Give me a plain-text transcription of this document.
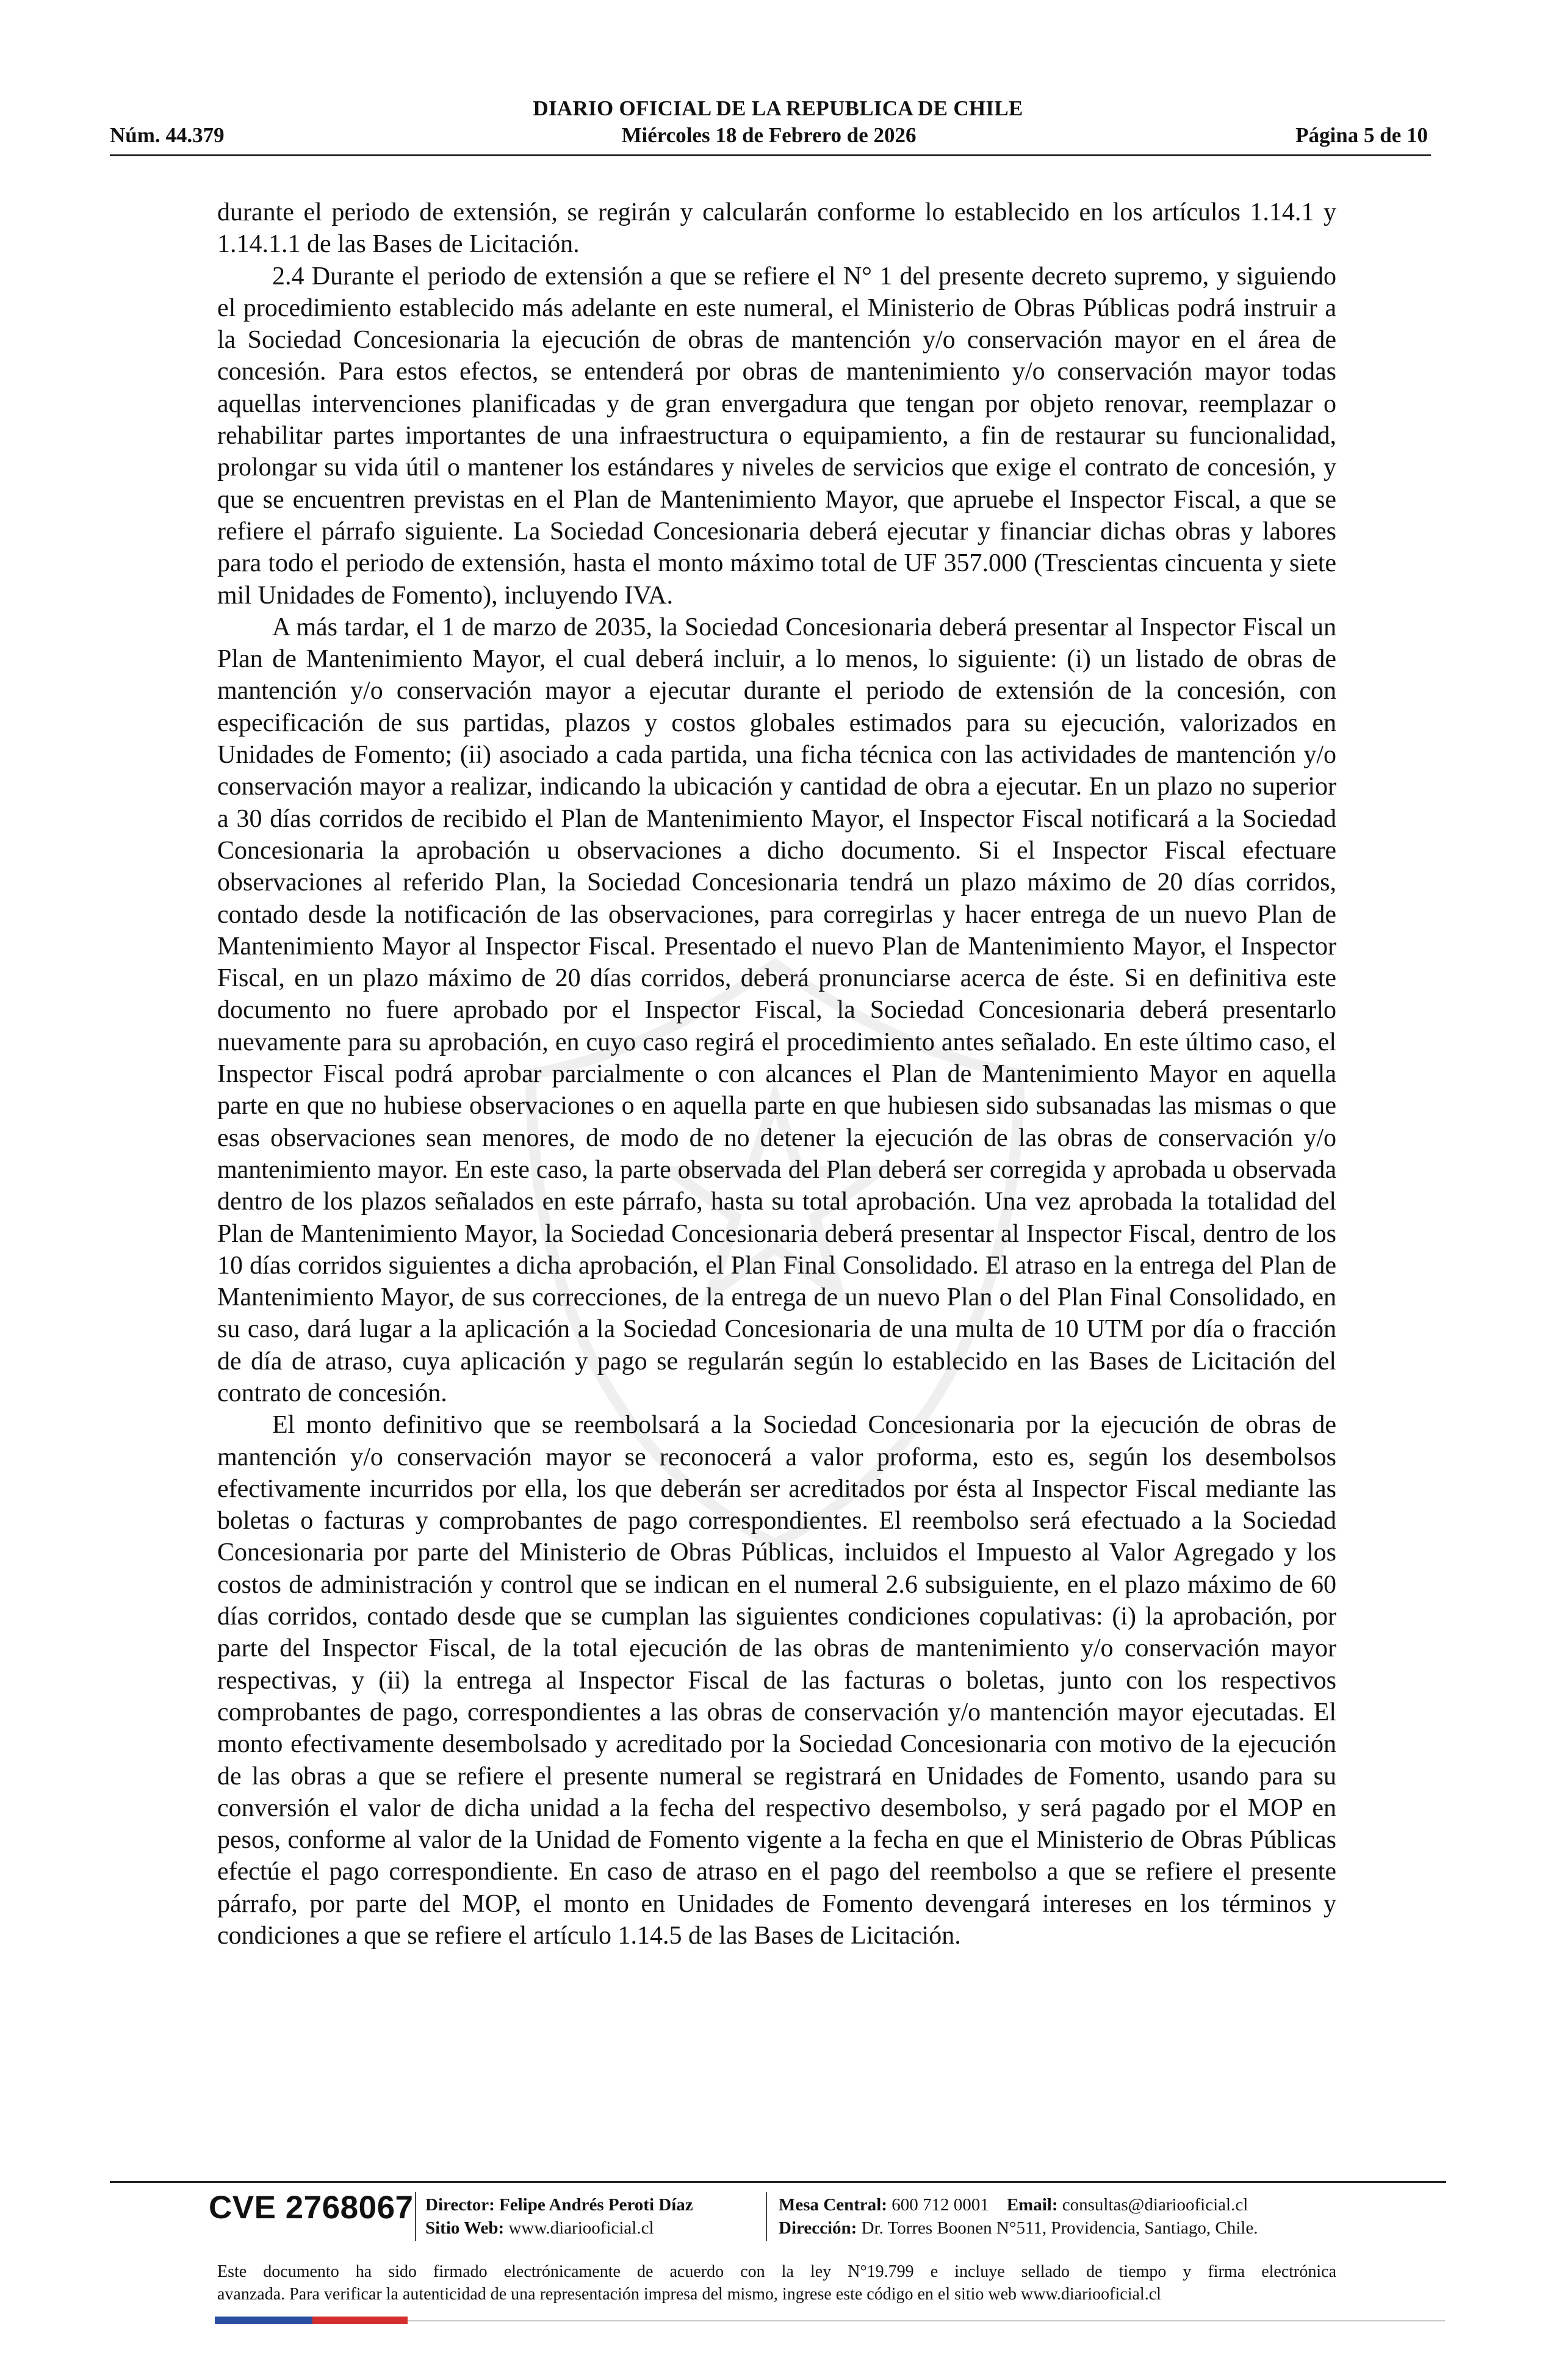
DIARIO OFICIAL DE LA REPUBLICA DE CHILE
Núm. 44.379	Miércoles 18 de Febrero de 2026	Página 5 de 10

durante el periodo de extensión, se regirán y calcularán conforme lo establecido en los artículos 1.14.1 y 1.14.1.1 de las Bases de Licitación.

2.4 Durante el periodo de extensión a que se refiere el N° 1 del presente decreto supremo, y siguiendo el procedimiento establecido más adelante en este numeral, el Ministerio de Obras Públicas podrá instruir a la Sociedad Concesionaria la ejecución de obras de mantención y/o conservación mayor en el área de concesión. Para estos efectos, se entenderá por obras de mantenimiento y/o conservación mayor todas aquellas intervenciones planificadas y de gran envergadura que tengan por objeto renovar, reemplazar o rehabilitar partes importantes de una infraestructura o equipamiento, a fin de restaurar su funcionalidad, prolongar su vida útil o mantener los estándares y niveles de servicios que exige el contrato de concesión, y que se encuentren previstas en el Plan de Mantenimiento Mayor, que apruebe el Inspector Fiscal, a que se refiere el párrafo siguiente. La Sociedad Concesionaria deberá ejecutar y financiar dichas obras y labores para todo el periodo de extensión, hasta el monto máximo total de UF 357.000 (Trescientas cincuenta y siete mil Unidades de Fomento), incluyendo IVA.

A más tardar, el 1 de marzo de 2035, la Sociedad Concesionaria deberá presentar al Inspector Fiscal un Plan de Mantenimiento Mayor, el cual deberá incluir, a lo menos, lo siguiente: (i) un listado de obras de mantención y/o conservación mayor a ejecutar durante el periodo de extensión de la concesión, con especificación de sus partidas, plazos y costos globales estimados para su ejecución, valorizados en Unidades de Fomento; (ii) asociado a cada partida, una ficha técnica con las actividades de mantención y/o conservación mayor a realizar, indicando la ubicación y cantidad de obra a ejecutar. En un plazo no superior a 30 días corridos de recibido el Plan de Mantenimiento Mayor, el Inspector Fiscal notificará a la Sociedad Concesionaria la aprobación u observaciones a dicho documento. Si el Inspector Fiscal efectuare observaciones al referido Plan, la Sociedad Concesionaria tendrá un plazo máximo de 20 días corridos, contado desde la notificación de las observaciones, para corregirlas y hacer entrega de un nuevo Plan de Mantenimiento Mayor al Inspector Fiscal. Presentado el nuevo Plan de Mantenimiento Mayor, el Inspector Fiscal, en un plazo máximo de 20 días corridos, deberá pronunciarse acerca de éste. Si en definitiva este documento no fuere aprobado por el Inspector Fiscal, la Sociedad Concesionaria deberá presentarlo nuevamente para su aprobación, en cuyo caso regirá el procedimiento antes señalado. En este último caso, el Inspector Fiscal podrá aprobar parcialmente o con alcances el Plan de Mantenimiento Mayor en aquella parte en que no hubiese observaciones o en aquella parte en que hubiesen sido subsanadas las mismas o que esas observaciones sean menores, de modo de no detener la ejecución de las obras de conservación y/o mantenimiento mayor. En este caso, la parte observada del Plan deberá ser corregida y aprobada u observada dentro de los plazos señalados en este párrafo, hasta su total aprobación. Una vez aprobada la totalidad del Plan de Mantenimiento Mayor, la Sociedad Concesionaria deberá presentar al Inspector Fiscal, dentro de los 10 días corridos siguientes a dicha aprobación, el Plan Final Consolidado. El atraso en la entrega del Plan de Mantenimiento Mayor, de sus correcciones, de la entrega de un nuevo Plan o del Plan Final Consolidado, en su caso, dará lugar a la aplicación a la Sociedad Concesionaria de una multa de 10 UTM por día o fracción de día de atraso, cuya aplicación y pago se regularán según lo establecido en las Bases de Licitación del contrato de concesión.

El monto definitivo que se reembolsará a la Sociedad Concesionaria por la ejecución de obras de mantención y/o conservación mayor se reconocerá a valor proforma, esto es, según los desembolsos efectivamente incurridos por ella, los que deberán ser acreditados por ésta al Inspector Fiscal mediante las boletas o facturas y comprobantes de pago correspondientes. El reembolso será efectuado a la Sociedad Concesionaria por parte del Ministerio de Obras Públicas, incluidos el Impuesto al Valor Agregado y los costos de administración y control que se indican en el numeral 2.6 subsiguiente, en el plazo máximo de 60 días corridos, contado desde que se cumplan las siguientes condiciones copulativas: (i) la aprobación, por parte del Inspector Fiscal, de la total ejecución de las obras de mantenimiento y/o conservación mayor respectivas, y (ii) la entrega al Inspector Fiscal de las facturas o boletas, junto con los respectivos comprobantes de pago, correspondientes a las obras de conservación y/o mantención mayor ejecutadas. El monto efectivamente desembolsado y acreditado por la Sociedad Concesionaria con motivo de la ejecución de las obras a que se refiere el presente numeral se registrará en Unidades de Fomento, usando para su conversión el valor de dicha unidad a la fecha del respectivo desembolso, y será pagado por el MOP en pesos, conforme al valor de la Unidad de Fomento vigente a la fecha en que el Ministerio de Obras Públicas efectúe el pago correspondiente. En caso de atraso en el pago del reembolso a que se refiere el presente párrafo, por parte del MOP, el monto en Unidades de Fomento devengará intereses en los términos y condiciones a que se refiere el artículo 1.14.5 de las Bases de Licitación.

CVE 2768067 Director: Felipe Andrés Peroti Díaz
Sitio Web: www.diariooficial.cl
Mesa Central: 600 712 0001 Email: consultas@diariooficial.cl
Dirección: Dr. Torres Boonen N°511, Providencia, Santiago, Chile.
Este documento ha sido firmado electrónicamente de acuerdo con la ley N°19.799 e incluye sellado de tiempo y firma electrónica
avanzada. Para verificar la autenticidad de una representación impresa del mismo, ingrese este código en el sitio web www.diariooficial.cl
